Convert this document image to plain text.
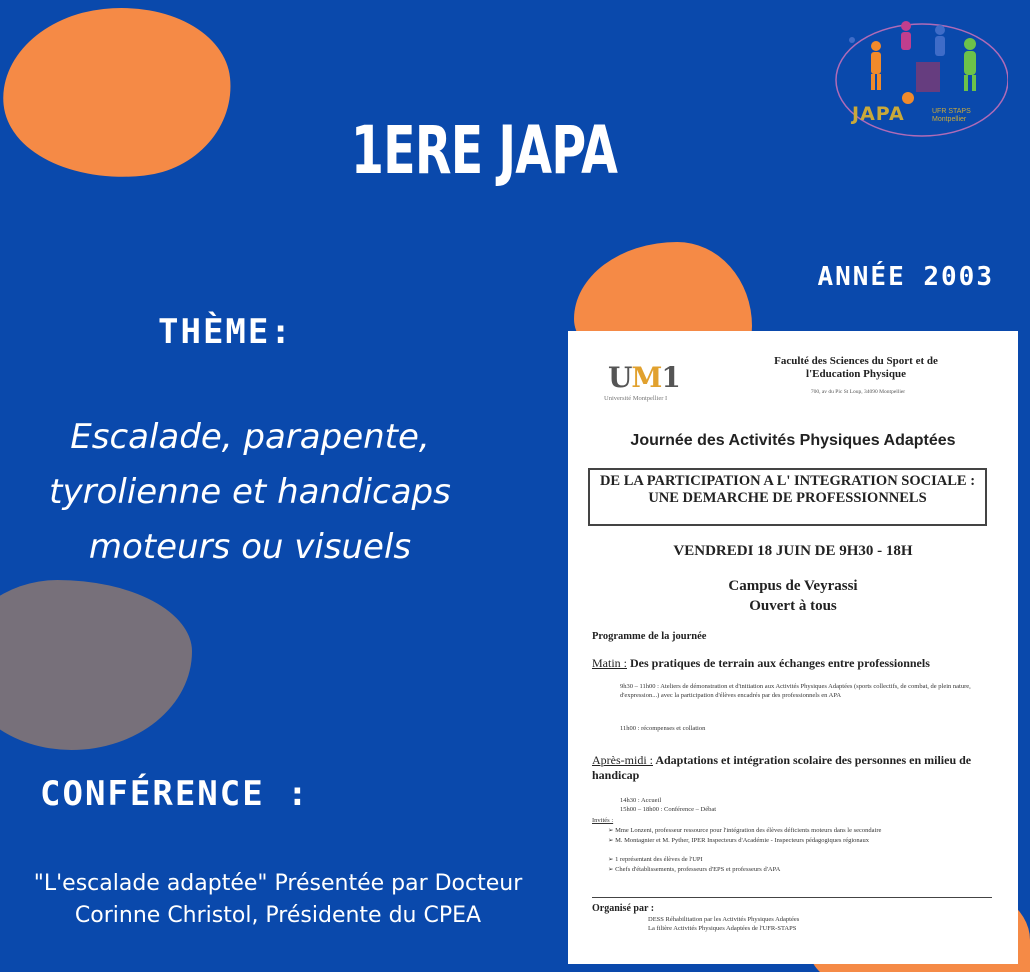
JAPA	UFR STAPS Montpellier
1ERE JAPA
ANNÉE 2003
THÈME:
Escalade, parapente, tyrolienne et handicaps moteurs ou visuels
CONFÉRENCE :
"L'escalade adaptée" Présentée par Docteur Corinne Christol, Présidente du CPEA
UM1
Université Montpellier I
Faculté des Sciences du Sport et de l'Education Physique
700, av du Pic St Loup, 34090 Montpellier
Journée des Activités Physiques Adaptées
DE LA PARTICIPATION A L' INTEGRATION SOCIALE : UNE DEMARCHE DE PROFESSIONNELS
VENDREDI 18 JUIN DE 9H30 - 18H
Campus de Veyrassi
Ouvert à tous
Programme de la journée
Matin : Des pratiques de terrain aux échanges entre professionnels
9h30 – 11h00 : Ateliers de démonstration et d'initiation aux Activités Physiques Adaptées (sports collectifs, de combat, de plein nature, d'expression...) avec la participation d'élèves encadrés par des professionnels en APA
11h00 : récompenses et collation
Après-midi : Adaptations et intégration scolaire des personnes en milieu de handicap
14h30 : Accueil
15h00 – 18h00 : Conférence – Débat
Invités :
➢ Mme Lonzeni, professeur ressource pour l'intégration des élèves déficients moteurs dans le secondaire
➢ M. Montagnier et M. Pyther, IPER Inspecteurs d'Académie - Inspecteurs pédagogiques régionaux
➢ 1 représentant des élèves de l'UPI
➢ Chefs d'établissements, professeurs d'EPS et professeurs d'APA
Organisé par :
DESS Réhabilitation par les Activités Physiques Adaptées
La filière Activités Physiques Adaptées de l'UFR-STAPS
